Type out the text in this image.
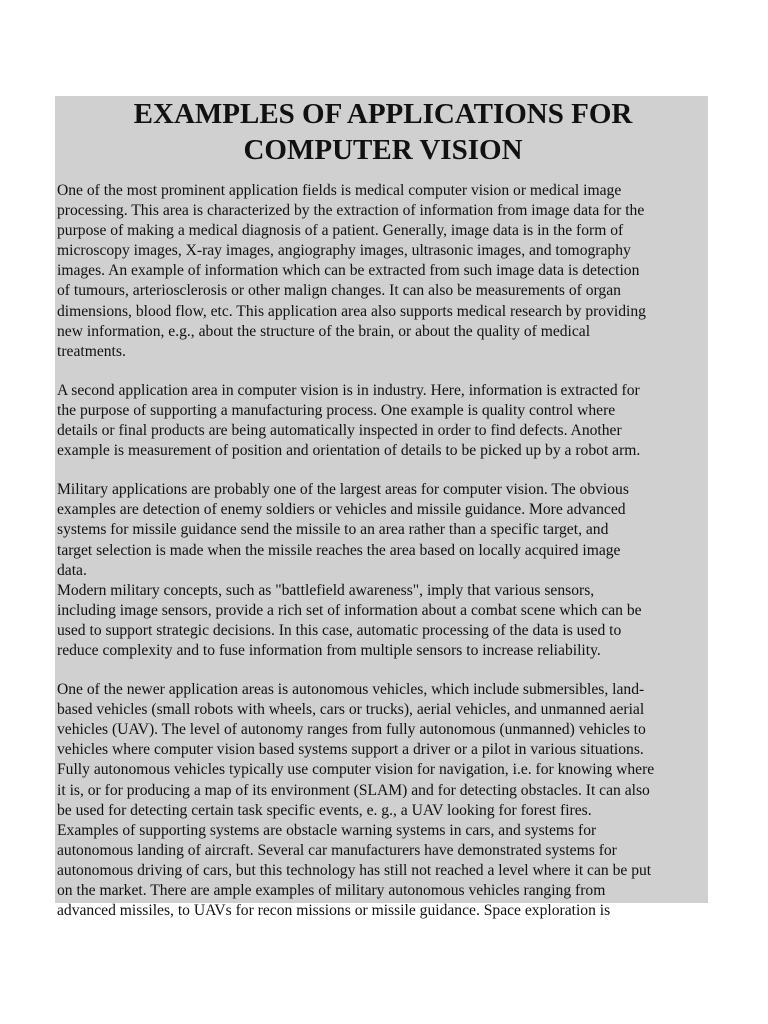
EXAMPLES OF APPLICATIONS FOR
COMPUTER VISION

One of the most prominent application fields is medical computer vision or medical image
processing. This area is characterized by the extraction of information from image data for the
purpose of making a medical diagnosis of a patient. Generally, image data is in the form of
microscopy images, X-ray images, angiography images, ultrasonic images, and tomography
images. An example of information which can be extracted from such image data is detection
of tumours, arteriosclerosis or other malign changes. It can also be measurements of organ
dimensions, blood flow, etc. This application area also supports medical research by providing
new information, e.g., about the structure of the brain, or about the quality of medical
treatments.

A second application area in computer vision is in industry. Here, information is extracted for
the purpose of supporting a manufacturing process. One example is quality control where
details or final products are being automatically inspected in order to find defects. Another
example is measurement of position and orientation of details to be picked up by a robot arm.

Military applications are probably one of the largest areas for computer vision. The obvious
examples are detection of enemy soldiers or vehicles and missile guidance. More advanced
systems for missile guidance send the missile to an area rather than a specific target, and
target selection is made when the missile reaches the area based on locally acquired image
data.
Modern military concepts, such as "battlefield awareness", imply that various sensors,
including image sensors, provide a rich set of information about a combat scene which can be
used to support strategic decisions. In this case, automatic processing of the data is used to
reduce complexity and to fuse information from multiple sensors to increase reliability.

One of the newer application areas is autonomous vehicles, which include submersibles, land-
based vehicles (small robots with wheels, cars or trucks), aerial vehicles, and unmanned aerial
vehicles (UAV). The level of autonomy ranges from fully autonomous (unmanned) vehicles to
vehicles where computer vision based systems support a driver or a pilot in various situations.
Fully autonomous vehicles typically use computer vision for navigation, i.e. for knowing where
it is, or for producing a map of its environment (SLAM) and for detecting obstacles. It can also
be used for detecting certain task specific events, e. g., a UAV looking for forest fires.
Examples of supporting systems are obstacle warning systems in cars, and systems for
autonomous landing of aircraft. Several car manufacturers have demonstrated systems for
autonomous driving of cars, but this technology has still not reached a level where it can be put
on the market. There are ample examples of military autonomous vehicles ranging from
advanced missiles, to UAVs for recon missions or missile guidance. Space exploration is
